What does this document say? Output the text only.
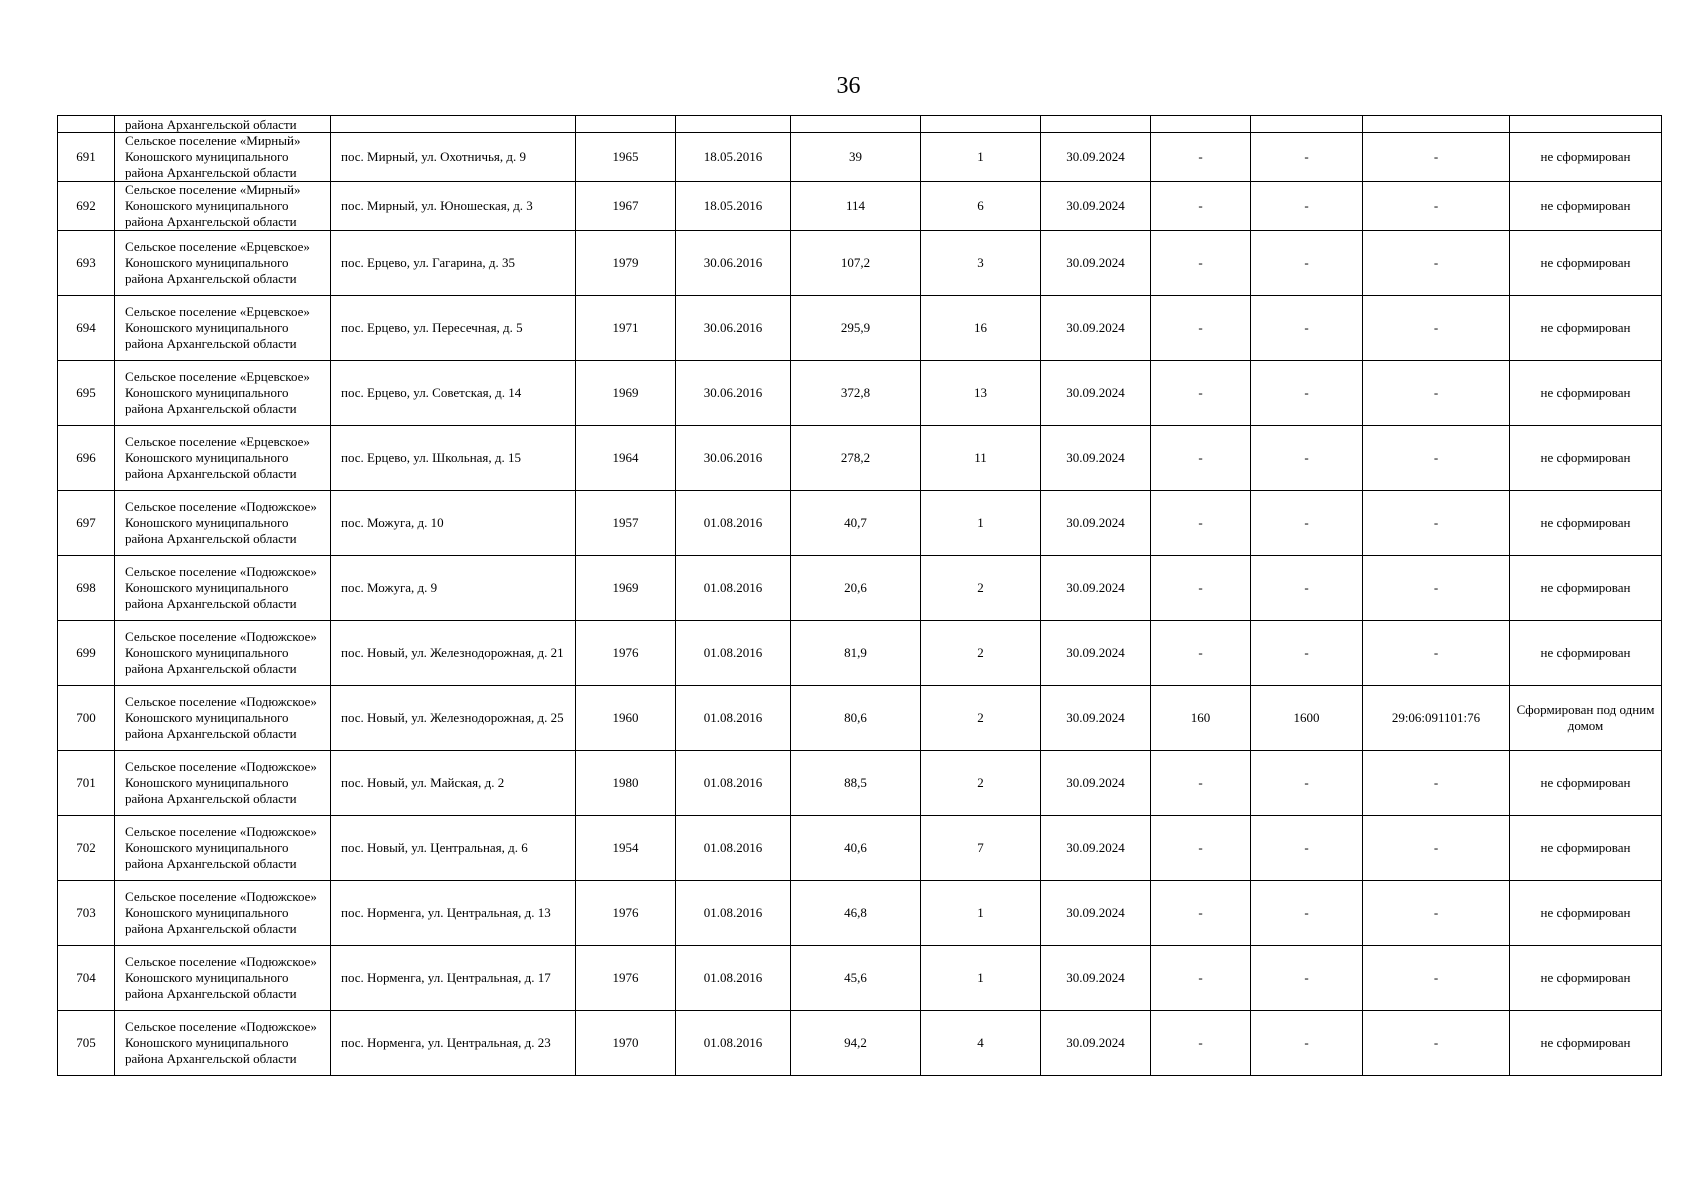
36
	района Архангельской области										
691	Сельское поселение «Мирный» Коношского муниципального района Архангельской области	пос. Мирный, ул. Охотничья, д. 9	1965	18.05.2016	39	1	30.09.2024	-	-	-	не сформирован
692	Сельское поселение «Мирный» Коношского муниципального района Архангельской области	пос. Мирный, ул. Юношеская, д. 3	1967	18.05.2016	114	6	30.09.2024	-	-	-	не сформирован
693	Сельское поселение «Ерцевское» Коношского муниципального района Архангельской области	пос. Ерцево, ул. Гагарина, д. 35	1979	30.06.2016	107,2	3	30.09.2024	-	-	-	не сформирован
694	Сельское поселение «Ерцевское» Коношского муниципального района Архангельской области	пос. Ерцево, ул. Пересечная, д. 5	1971	30.06.2016	295,9	16	30.09.2024	-	-	-	не сформирован
695	Сельское поселение «Ерцевское» Коношского муниципального района Архангельской области	пос. Ерцево, ул. Советская, д. 14	1969	30.06.2016	372,8	13	30.09.2024	-	-	-	не сформирован
696	Сельское поселение «Ерцевское» Коношского муниципального района Архангельской области	пос. Ерцево, ул. Школьная, д. 15	1964	30.06.2016	278,2	11	30.09.2024	-	-	-	не сформирован
697	Сельское поселение «Подюжское» Коношского муниципального района Архангельской области	пос. Можуга, д. 10	1957	01.08.2016	40,7	1	30.09.2024	-	-	-	не сформирован
698	Сельское поселение «Подюжское» Коношского муниципального района Архангельской области	пос. Можуга, д. 9	1969	01.08.2016	20,6	2	30.09.2024	-	-	-	не сформирован
699	Сельское поселение «Подюжское» Коношского муниципального района Архангельской области	пос. Новый, ул. Железнодорожная, д. 21	1976	01.08.2016	81,9	2	30.09.2024	-	-	-	не сформирован
700	Сельское поселение «Подюжское» Коношского муниципального района Архангельской области	пос. Новый, ул. Железнодорожная, д. 25	1960	01.08.2016	80,6	2	30.09.2024	160	1600	29:06:091101:76	Сформирован под одним домом
701	Сельское поселение «Подюжское» Коношского муниципального района Архангельской области	пос. Новый, ул. Майская, д. 2	1980	01.08.2016	88,5	2	30.09.2024	-	-	-	не сформирован
702	Сельское поселение «Подюжское» Коношского муниципального района Архангельской области	пос. Новый, ул. Центральная, д. 6	1954	01.08.2016	40,6	7	30.09.2024	-	-	-	не сформирован
703	Сельское поселение «Подюжское» Коношского муниципального района Архангельской области	пос. Норменга, ул. Центральная, д. 13	1976	01.08.2016	46,8	1	30.09.2024	-	-	-	не сформирован
704	Сельское поселение «Подюжское» Коношского муниципального района Архангельской области	пос. Норменга, ул. Центральная, д. 17	1976	01.08.2016	45,6	1	30.09.2024	-	-	-	не сформирован
705	Сельское поселение «Подюжское» Коношского муниципального района Архангельской области	пос. Норменга, ул. Центральная, д. 23	1970	01.08.2016	94,2	4	30.09.2024	-	-	-	не сформирован
